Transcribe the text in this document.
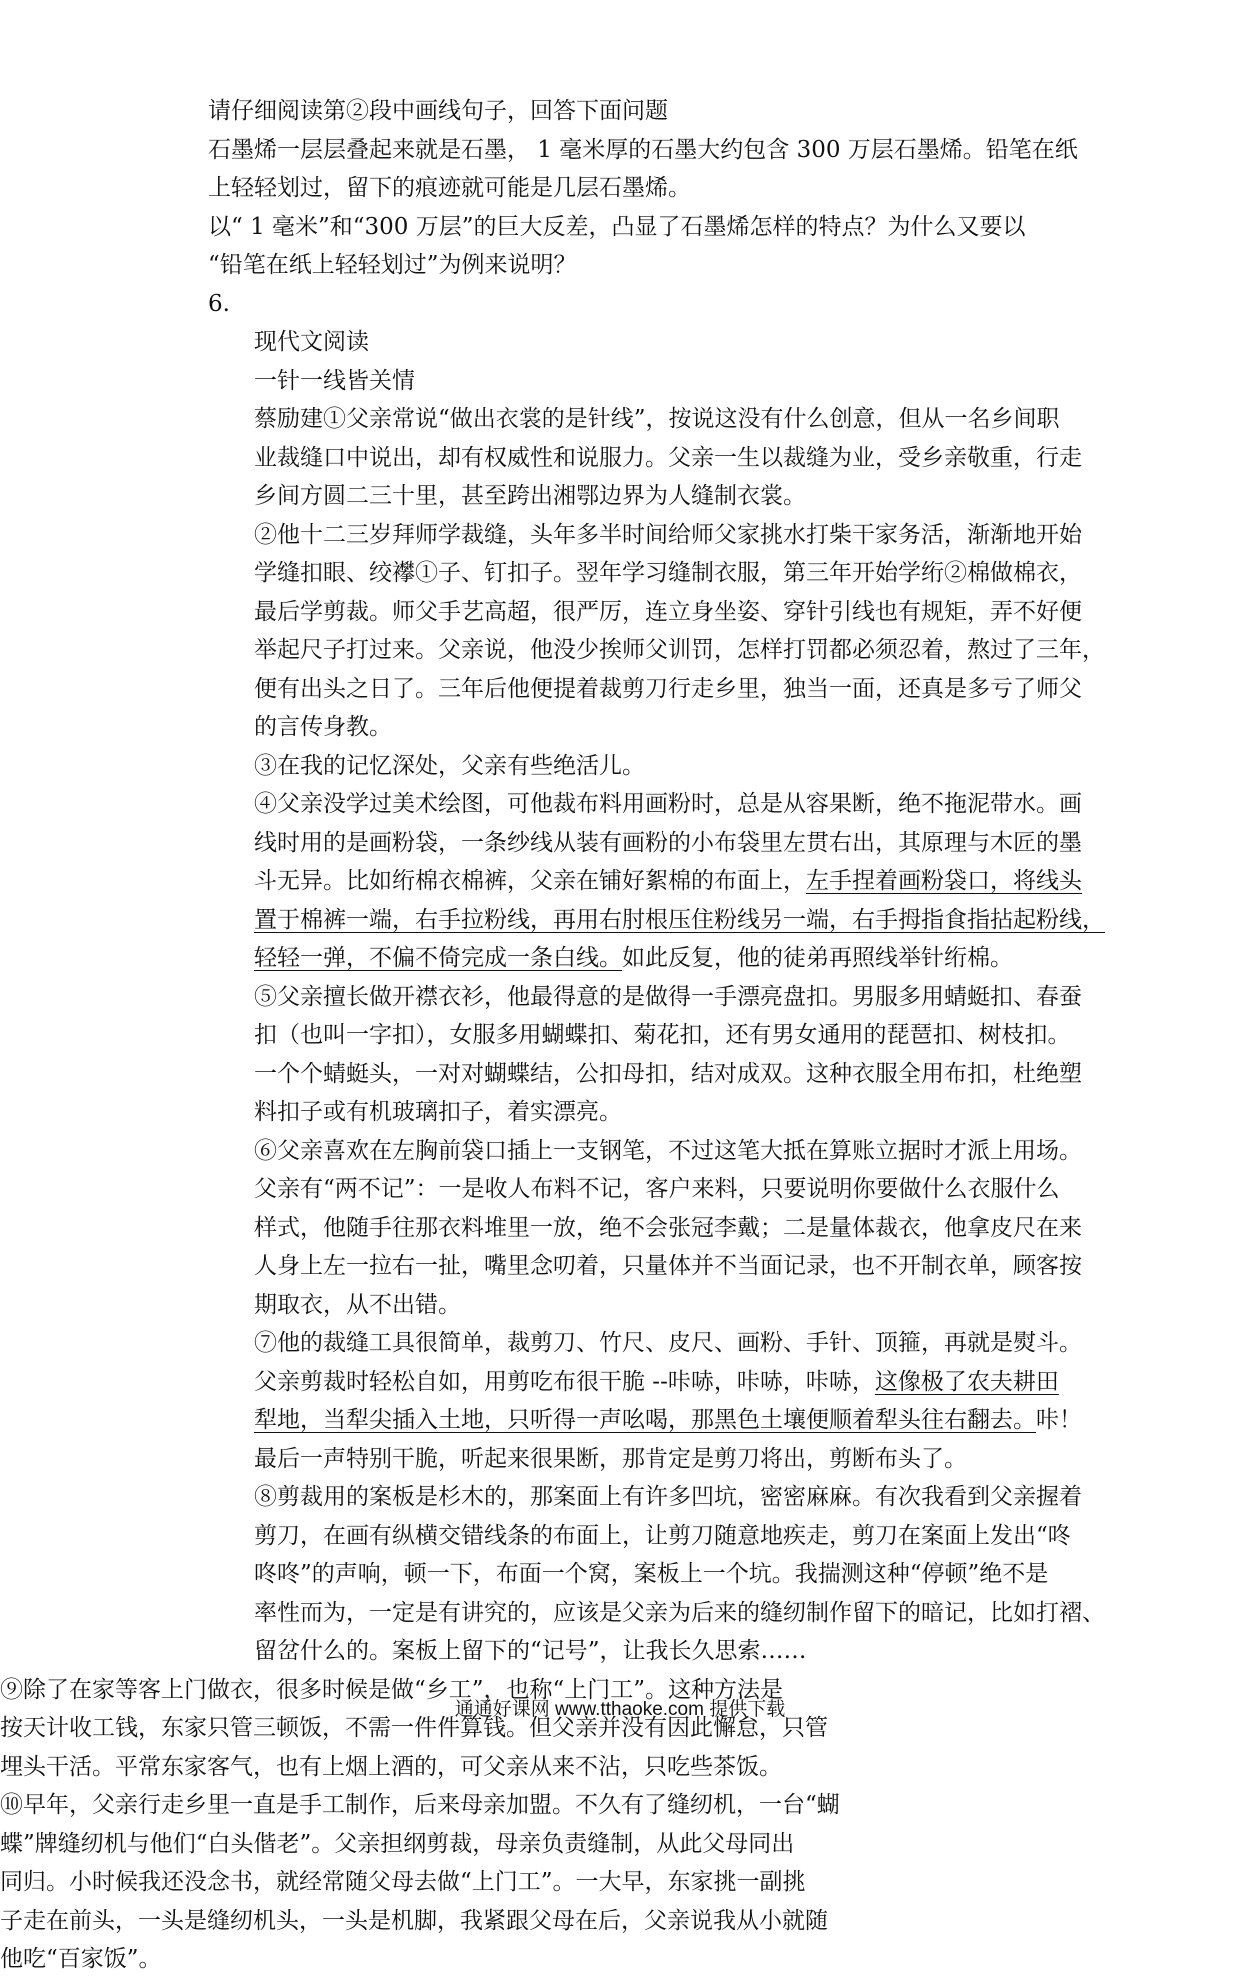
请仔细阅读第②段中画线句子，回答下面问题
石墨烯一层层叠起来就是石墨， 1 毫米厚的石墨大约包含 300 万层石墨烯。铅笔在纸
上轻轻划过，留下的痕迹就可能是几层石墨烯。
以“ 1 毫米”和“300 万层”的巨大反差，凸显了石墨烯怎样的特点？为什么又要以
“铅笔在纸上轻轻划过”为例来说明？
6.
现代文阅读
一针一线皆关情
蔡励建①父亲常说“做出衣裳的是针线”，按说这没有什么创意，但从一名乡间职
业裁缝口中说出，却有权威性和说服力。父亲一生以裁缝为业，受乡亲敬重，行走
乡间方圆二三十里，甚至跨出湘鄂边界为人缝制衣裳。
②他十二三岁拜师学裁缝，头年多半时间给师父家挑水打柴干家务活，渐渐地开始
学缝扣眼、绞襻①子、钉扣子。翌年学习缝制衣服，第三年开始学绗②棉做棉衣，
最后学剪裁。师父手艺高超，很严厉，连立身坐姿、穿针引线也有规矩，弄不好便
举起尺子打过来。父亲说，他没少挨师父训罚，怎样打罚都必须忍着，熬过了三年，
便有出头之日了。三年后他便提着裁剪刀行走乡里，独当一面，还真是多亏了师父
的言传身教。
③在我的记忆深处，父亲有些绝活儿。
④父亲没学过美术绘图，可他裁布料用画粉时，总是从容果断，绝不拖泥带水。画
线时用的是画粉袋，一条纱线从装有画粉的小布袋里左贯右出，其原理与木匠的墨
斗无异。比如绗棉衣棉裤，父亲在铺好絮棉的布面上，左手捏着画粉袋口，将线头
置于棉裤一端，右手拉粉线，再用右肘根压住粉线另一端，右手拇指食指拈起粉线，
轻轻一弹，不偏不倚完成一条白线。如此反复，他的徒弟再照线举针绗棉。
⑤父亲擅长做开襟衣衫，他最得意的是做得一手漂亮盘扣。男服多用蜻蜓扣、春蚕
扣（也叫一字扣），女服多用蝴蝶扣、菊花扣，还有男女通用的琵琶扣、树枝扣。
一个个蜻蜓头，一对对蝴蝶结，公扣母扣，结对成双。这种衣服全用布扣，杜绝塑
料扣子或有机玻璃扣子，着实漂亮。
⑥父亲喜欢在左胸前袋口插上一支钢笔，不过这笔大抵在算账立据时才派上用场。
父亲有“两不记”：一是收人布料不记，客户来料，只要说明你要做什么衣服什么
样式，他随手往那衣料堆里一放，绝不会张冠李戴；二是量体裁衣，他拿皮尺在来
人身上左一拉右一扯，嘴里念叨着，只量体并不当面记录，也不开制衣单，顾客按
期取衣，从不出错。
⑦他的裁缝工具很简单，裁剪刀、竹尺、皮尺、画粉、手针、顶箍，再就是熨斗。
父亲剪裁时轻松自如，用剪吃布很干脆 --咔哧，咔哧，咔哧，这像极了农夫耕田
犁地，当犁尖插入土地，只听得一声吆喝，那黑色土壤便顺着犁头往右翻去。咔！
最后一声特别干脆，听起来很果断，那肯定是剪刀将出，剪断布头了。
⑧剪裁用的案板是杉木的，那案面上有许多凹坑，密密麻麻。有次我看到父亲握着
剪刀，在画有纵横交错线条的布面上，让剪刀随意地疾走，剪刀在案面上发出“咚
咚咚”的声响，顿一下，布面一个窝，案板上一个坑。我揣测这种“停顿”绝不是
率性而为，一定是有讲究的，应该是父亲为后来的缝纫制作留下的暗记，比如打褶、
留岔什么的。案板上留下的“记号”，让我长久思索……
⑨除了在家等客上门做衣，很多时候是做“乡工”，也称“上门工”。这种方法是
按天计收工钱，东家只管三顿饭，不需一件件算钱。但父亲并没有因此懈怠，只管
埋头干活。平常东家客气，也有上烟上酒的，可父亲从来不沾，只吃些茶饭。
⑩早年，父亲行走乡里一直是手工制作，后来母亲加盟。不久有了缝纫机，一台“蝴
蝶”牌缝纫机与他们“白头偕老”。父亲担纲剪裁，母亲负责缝制，从此父母同出
同归。小时候我还没念书，就经常随父母去做“上门工”。一大早，东家挑一副挑
子走在前头，一头是缝纫机头，一头是机脚，我紧跟父母在后，父亲说我从小就随
他吃“百家饭”。
通通好课网 www.tthaoke.com 提供下载
